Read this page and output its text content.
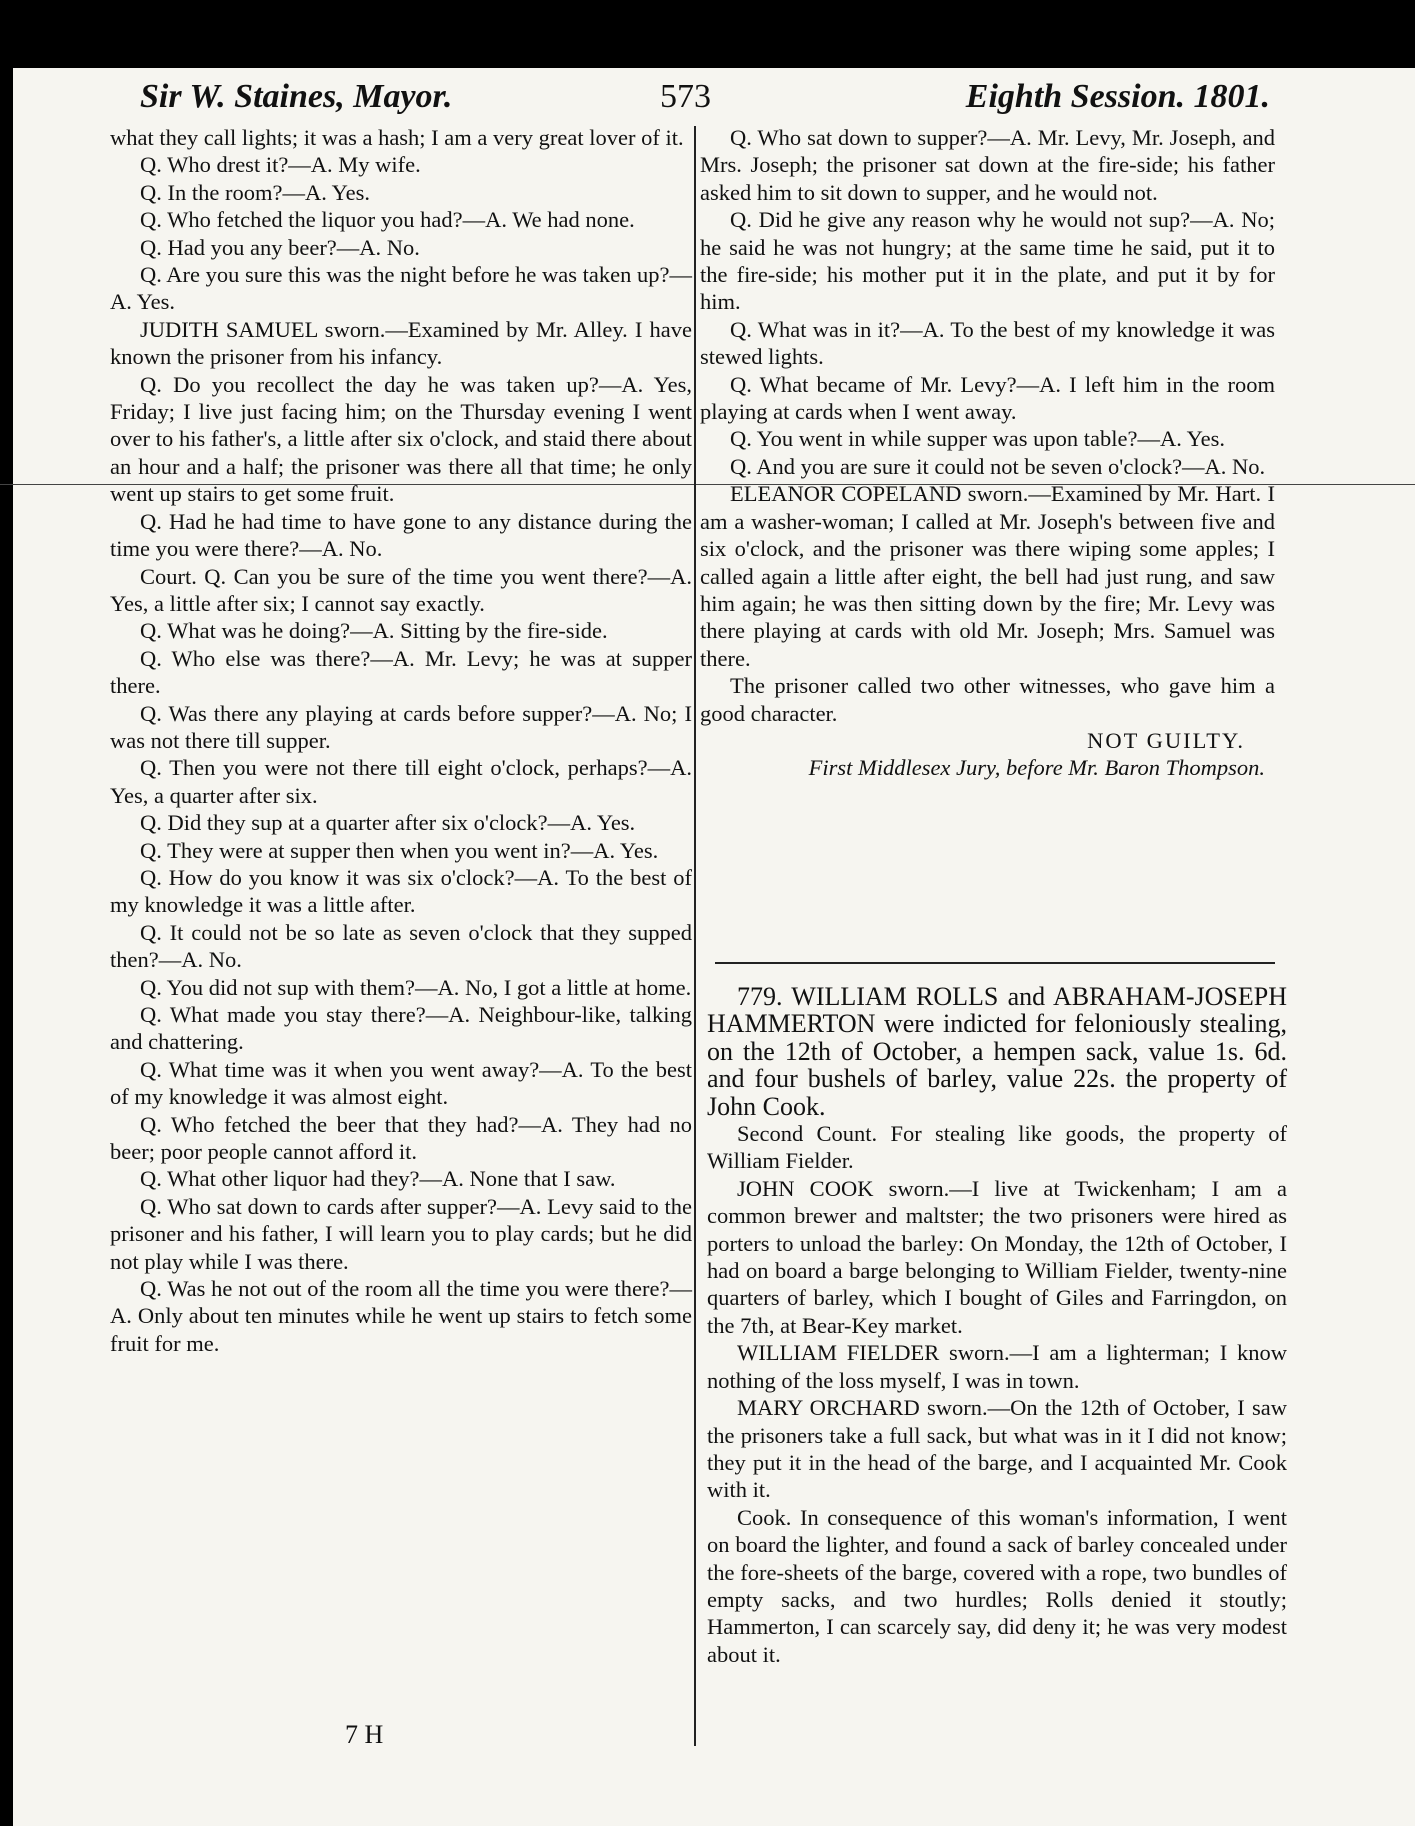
Sir W. Staines, Mayor.	573	Eighth Session. 1801.

what they call lights; it was a hash; I am a very great lover of it.

Q. Who drest it?—A. My wife.

Q. In the room?—A. Yes.

Q. Who fetched the liquor you had?—A. We had none.

Q. Had you any beer?—A. No.

Q. Are you sure this was the night before he was taken up?—A. Yes.

JUDITH SAMUEL sworn.—Examined by Mr. Alley. I have known the prisoner from his infancy.

Q. Do you recollect the day he was taken up?—A. Yes, Friday; I live just facing him; on the Thursday evening I went over to his father's, a little after six o'clock, and staid there about an hour and a half; the prisoner was there all that time; he only went up stairs to get some fruit.

Q. Had he had time to have gone to any distance during the time you were there?—A. No.

Court. Q. Can you be sure of the time you went there?—A. Yes, a little after six; I cannot say exactly.

Q. What was he doing?—A. Sitting by the fire-side.

Q. Who else was there?—A. Mr. Levy; he was at supper there.

Q. Was there any playing at cards before supper?—A. No; I was not there till supper.

Q. Then you were not there till eight o'clock, perhaps?—A. Yes, a quarter after six.

Q. Did they sup at a quarter after six o'clock?—A. Yes.

Q. They were at supper then when you went in?—A. Yes.

Q. How do you know it was six o'clock?—A. To the best of my knowledge it was a little after.

Q. It could not be so late as seven o'clock that they supped then?—A. No.

Q. You did not sup with them?—A. No, I got a little at home.

Q. What made you stay there?—A. Neighbour-like, talking and chattering.

Q. What time was it when you went away?—A. To the best of my knowledge it was almost eight.

Q. Who fetched the beer that they had?—A. They had no beer; poor people cannot afford it.

Q. What other liquor had they?—A. None that I saw.

Q. Who sat down to cards after supper?—A. Levy said to the prisoner and his father, I will learn you to play cards; but he did not play while I was there.

Q. Was he not out of the room all the time you were there?—A. Only about ten minutes while he went up stairs to fetch some fruit for me.

7 H

Q. Who sat down to supper?—A. Mr. Levy, Mr. Joseph, and Mrs. Joseph; the prisoner sat down at the fire-side; his father asked him to sit down to supper, and he would not.

Q. Did he give any reason why he would not sup?—A. No; he said he was not hungry; at the same time he said, put it to the fire-side; his mother put it in the plate, and put it by for him.

Q. What was in it?—A. To the best of my knowledge it was stewed lights.

Q. What became of Mr. Levy?—A. I left him in the room playing at cards when I went away.

Q. You went in while supper was upon table?—A. Yes.

Q. And you are sure it could not be seven o'clock?—A. No.

ELEANOR COPELAND sworn.—Examined by Mr. Hart. I am a washer-woman; I called at Mr. Joseph's between five and six o'clock, and the prisoner was there wiping some apples; I called again a little after eight, the bell had just rung, and saw him again; he was then sitting down by the fire; Mr. Levy was there playing at cards with old Mr. Joseph; Mrs. Samuel was there.

The prisoner called two other witnesses, who gave him a good character.

NOT GUILTY.

First Middlesex Jury, before Mr. Baron Thompson.

779. WILLIAM ROLLS and ABRAHAM-JOSEPH HAMMERTON were indicted for feloniously stealing, on the 12th of October, a hempen sack, value 1s. 6d. and four bushels of barley, value 22s. the property of John Cook.

Second Count. For stealing like goods, the property of William Fielder.

JOHN COOK sworn.—I live at Twickenham; I am a common brewer and maltster; the two prisoners were hired as porters to unload the barley: On Monday, the 12th of October, I had on board a barge belonging to William Fielder, twenty-nine quarters of barley, which I bought of Giles and Farringdon, on the 7th, at Bear-Key market.

WILLIAM FIELDER sworn.—I am a lighterman; I know nothing of the loss myself, I was in town.

MARY ORCHARD sworn.—On the 12th of October, I saw the prisoners take a full sack, but what was in it I did not know; they put it in the head of the barge, and I acquainted Mr. Cook with it.

Cook. In consequence of this woman's information, I went on board the lighter, and found a sack of barley concealed under the fore-sheets of the barge, covered with a rope, two bundles of empty sacks, and two hurdles; Rolls denied it stoutly; Hammerton, I can scarcely say, did deny it; he was very modest about it.
